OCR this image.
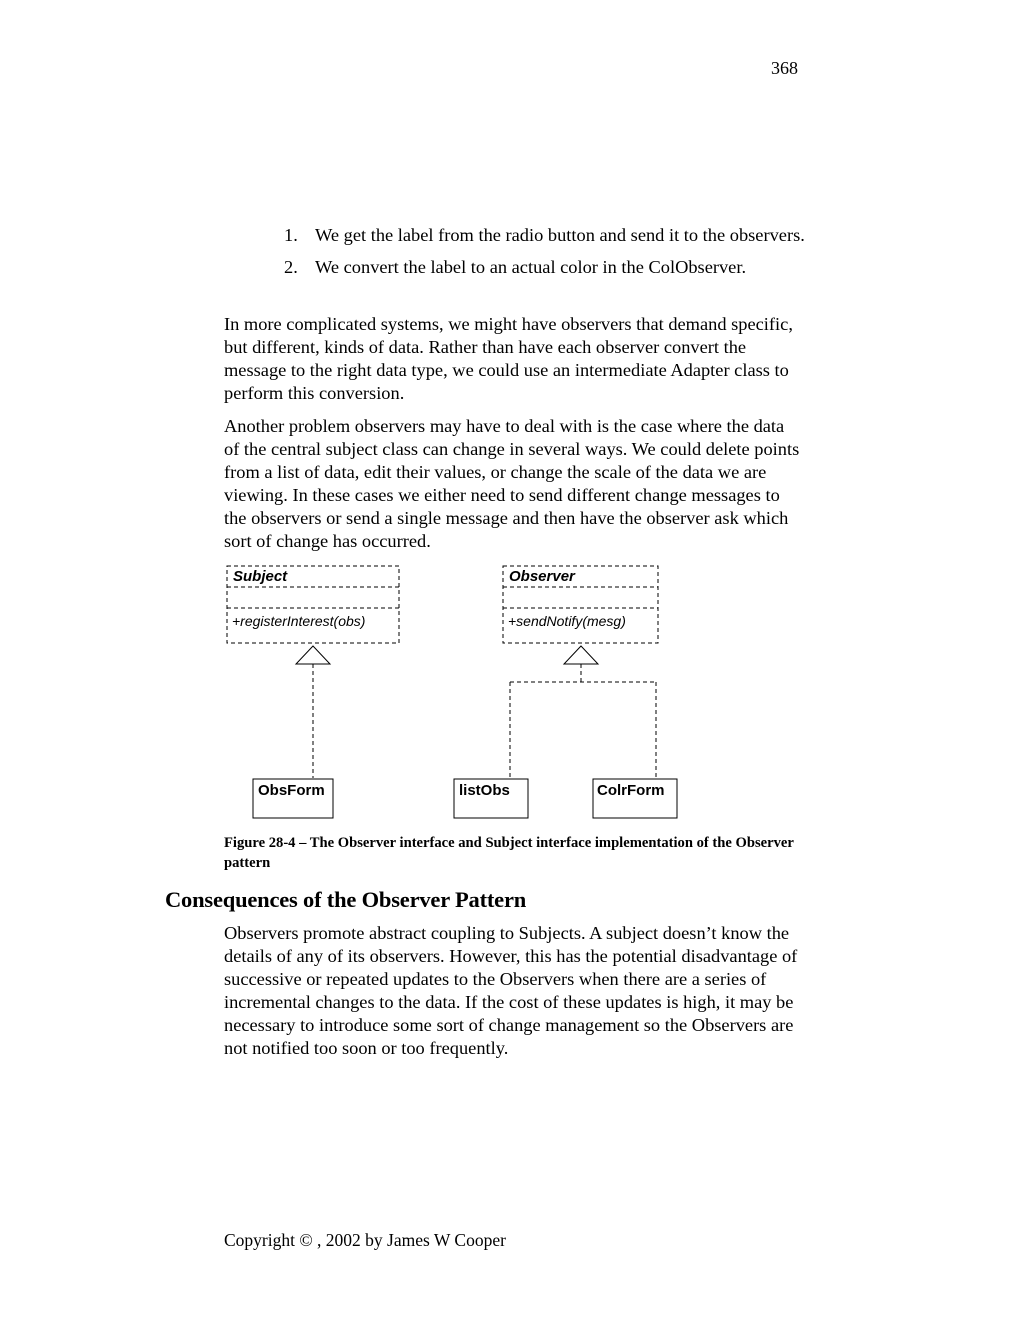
368
1. We get the label from the radio button and send it to the observers.
2. We convert the label to an actual color in the ColObserver.

In more complicated systems, we might have observers that demand specific, but different, kinds of data. Rather than have each observer convert the message to the right data type, we could use an intermediate Adapter class to perform this conversion.

Another problem observers may have to deal with is the case where the data of the central subject class can change in several ways. We could delete points from a list of data, edit their values, or change the scale of the data we are viewing. In these cases we either need to send different change messages to the observers or send a single message and then have the observer ask which sort of change has occurred.

Subject
+registerInterest(obs)
Observer
+sendNotify(mesg)
ObsForm	listObs	ColrForm

Figure 28-4 – The Observer interface and Subject interface implementation of the Observer pattern

Consequences of the Observer Pattern

Observers promote abstract coupling to Subjects. A subject doesn’t know the details of any of its observers. However, this has the potential disadvantage of successive or repeated updates to the Observers when there are a series of incremental changes to the data. If the cost of these updates is high, it may be necessary to introduce some sort of change management so the Observers are not notified too soon or too frequently.

Copyright © , 2002 by James W Cooper
